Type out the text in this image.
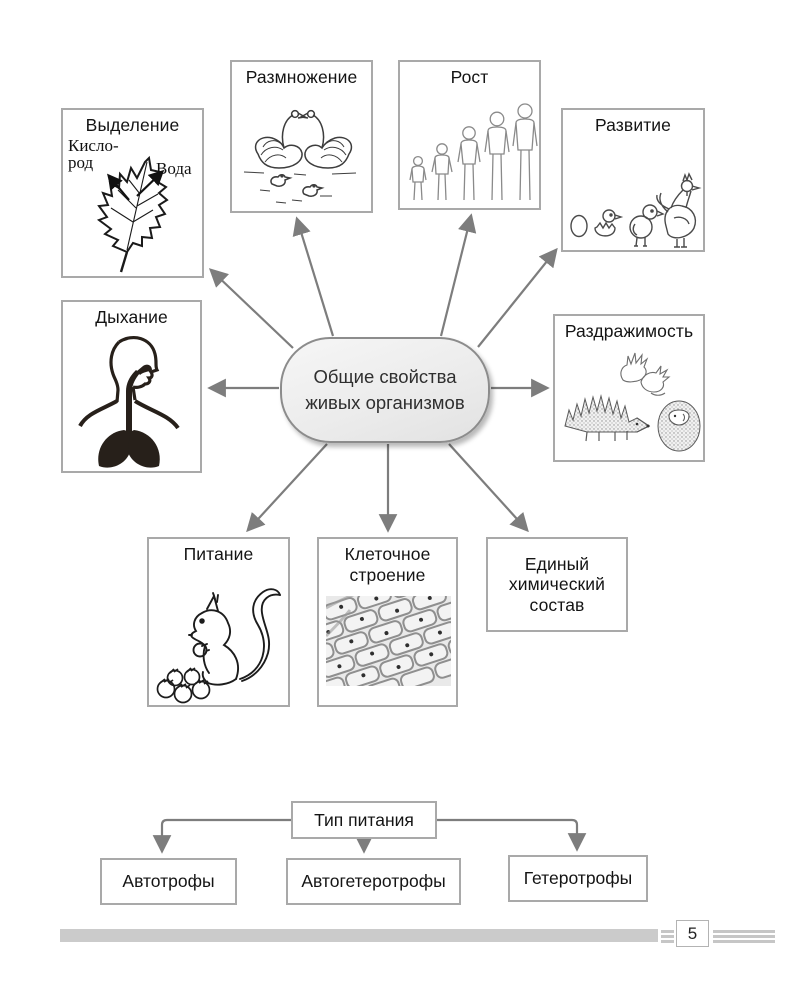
Общие свойства живых организмов
Выделение
Кисло-
род	Вода
Размножение	Рост
Развитие
Дыхание
Раздражимость
Питание	Клеточное строение
Единый химический состав
Тип питания
Автотрофы	Автогетеротрофы	Гетеротрофы
5
